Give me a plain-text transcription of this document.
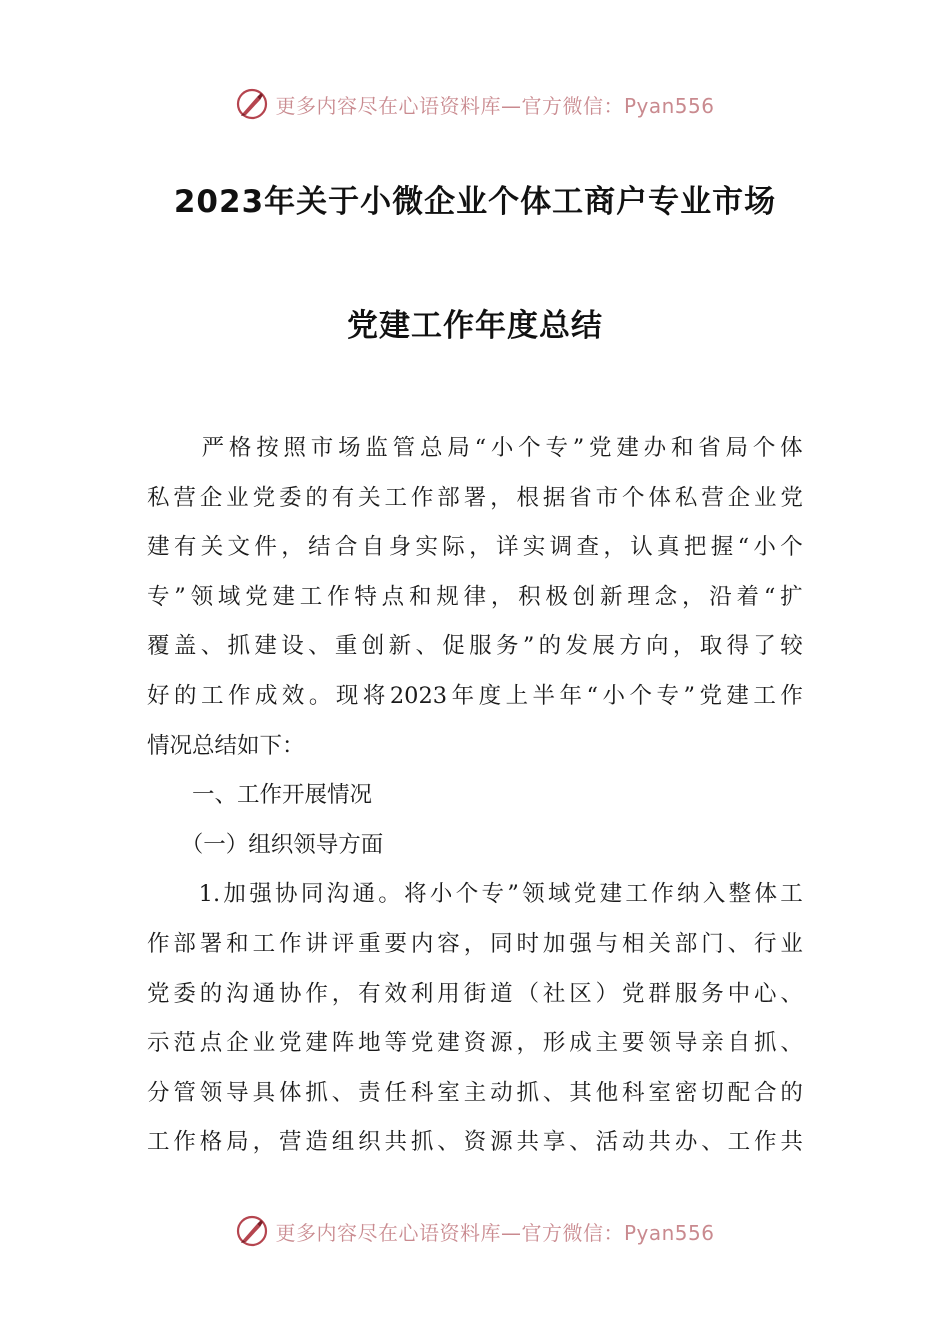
更多内容尽在心语资料库—官方微信：Pyan556
2023年关于小微企业个体工商户专业市场
党建工作年度总结

严 格 按 照 市 场 监 管 总 局 “ 小 个 专 ” 党 建 办 和 省 局 个 体
私 营 企 业 党 委 的 有 关 工 作 部 署 ， 根 据 省 市 个 体 私 营 企 业 党
建 有 关 文 件 ， 结 合 自 身 实 际 ， 详 实 调 查 ， 认 真 把 握 “ 小 个
专 ” 领 域 党 建 工 作 特 点 和 规 律 ， 积 极 创 新 理 念 ， 沿 着 “ 扩
覆 盖 、 抓 建 设 、 重 创 新 、 促 服 务 ” 的 发 展 方 向 ， 取 得 了 较
好 的 工 作 成 效 。 现 将 2023 年 度 上 半 年 “ 小 个 专 ” 党 建 工 作
情况总结如下：
　　一、工作开展情况
　　（一）组织领导方面

1. 加 强 协 同 沟 通 。 将 小 个 专 ” 领 域 党 建 工 作 纳 入 整 体 工
作 部 署 和 工 作 讲 评 重 要 内 容 ， 同 时 加 强 与 相 关 部 门 、 行 业
党 委 的 沟 通 协 作 ， 有 效 利 用 街 道 （ 社 区 ） 党 群 服 务 中 心 、
示 范 点 企 业 党 建 阵 地 等 党 建 资 源 ， 形 成 主 要 领 导 亲 自 抓 、
分 管 领 导 具 体 抓 、 责 任 科 室 主 动 抓 、 其 他 科 室 密 切 配 合 的
工 作 格 局 ， 营 造 组 织 共 抓 、 资 源 共 享 、 活 动 共 办 、 工 作 共
更多内容尽在心语资料库—官方微信：Pyan556
